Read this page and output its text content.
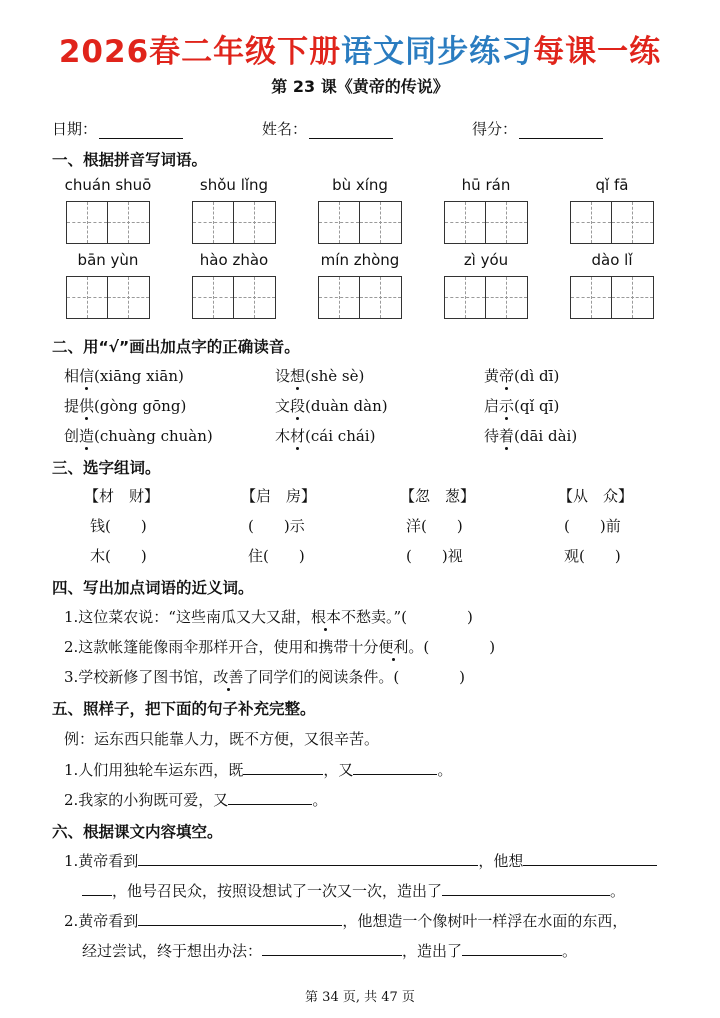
2026春二年级下册语文同步练习每课一练
第 23 课《黄帝的传说》
日期：	姓名：	得分：
一、根据拼音写词语。
chuán shuō	shǒu lǐng	bù xíng	hū rán	qǐ fā
bān yùn	hào zhào	mín zhòng	zì yóu	dào lǐ
二、用“√”画出加点字的正确读音。
相信(xiāng xiān)	设想(shè sè)	黄帝(dì dī)
提供(gòng gōng)	文段(duàn dàn)	启示(qǐ qī)
创造(chuàng chuàn)	木材(cái chái)	待着(dāi dài)
三、选字组词。
【材　财】	【启　房】	【忽　葱】	【从　众】
钱(　　)	(　　)示	洋(　　)	(　　)前
木(　　)	住(　　)	(　　)视	观(　　)
四、写出加点词语的近义词。
1.这位菜农说：“这些南瓜又大又甜，根本不愁卖。”(　　　　)
2.这款帐篷能像雨伞那样开合，使用和携带十分便利。(　　　　)
3.学校新修了图书馆，改善了同学们的阅读条件。(　　　　)
五、照样子，把下面的句子补充完整。
例：运东西只能靠人力，既不方便，又很辛苦。
1.人们用独轮车运东西，既	，又	。
2.我家的小狗既可爱，又	。
六、根据课文内容填空。
1.黄帝看到	，他想
，他号召民众，按照设想试了一次又一次，造出了	。
2.黄帝看到	，他想造一个像树叶一样浮在水面的东西，
经过尝试，终于想出办法：	，造出了	。
第 34 页, 共 47 页
